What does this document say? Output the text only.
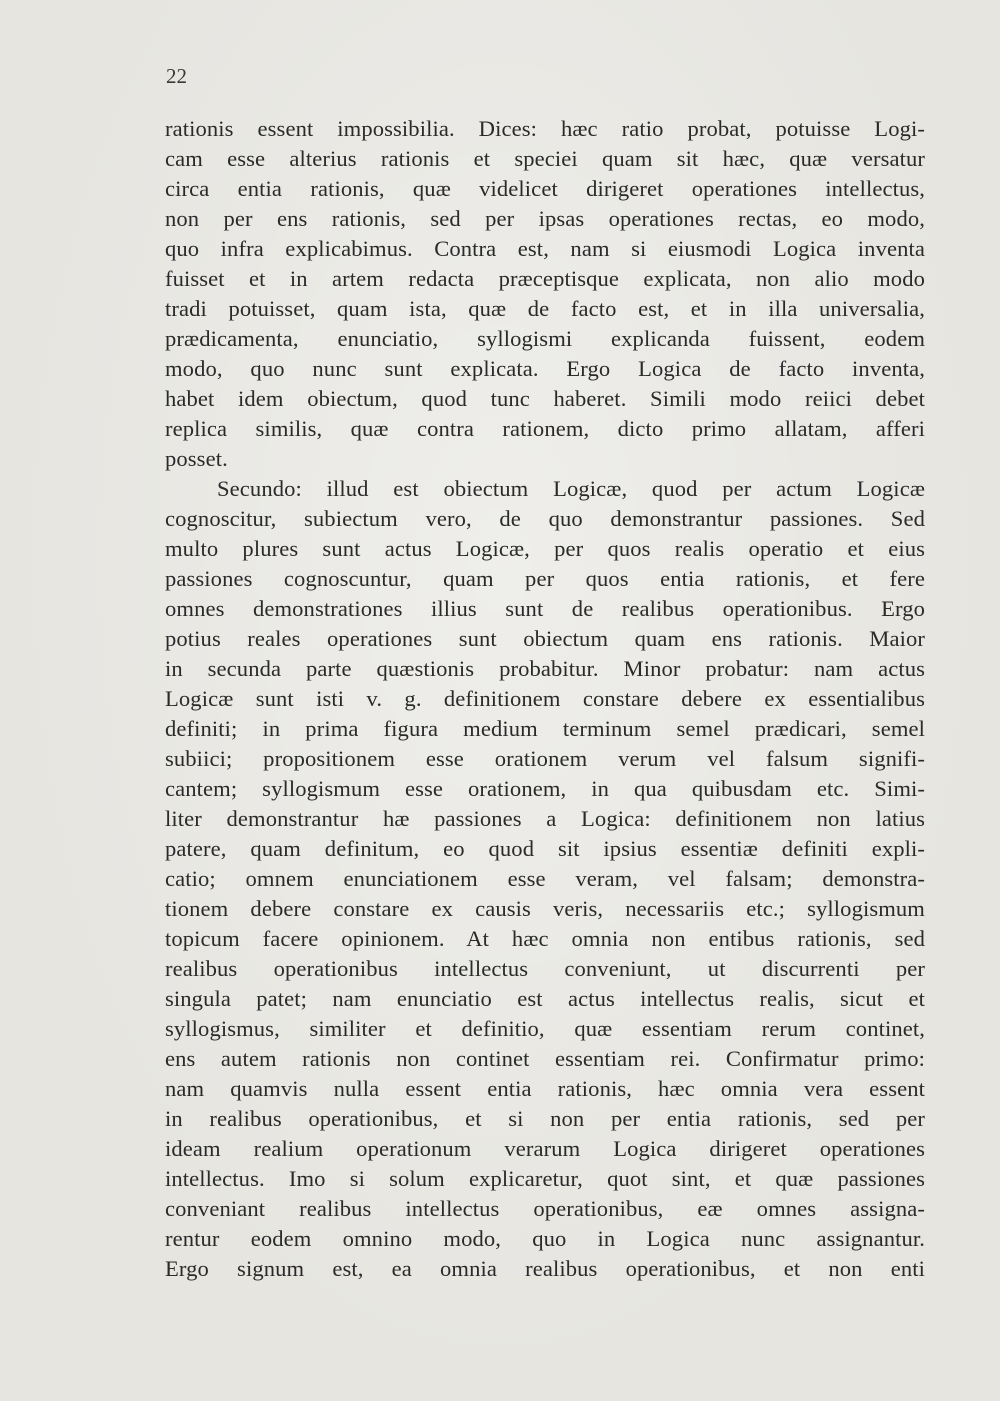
22
rationis essent impossibilia. Dices: hæc ratio probat, potuisse Logi-
cam esse alterius rationis et speciei quam sit hæc, quæ versatur
circa entia rationis, quæ videlicet dirigeret operationes intellectus,
non per ens rationis, sed per ipsas operationes rectas, eo modo,
quo infra explicabimus. Contra est, nam si eiusmodi Logica inventa
fuisset et in artem redacta præceptisque explicata, non alio modo
tradi potuisset, quam ista, quæ de facto est, et in illa universalia,
prædicamenta, enunciatio, syllogismi explicanda fuissent, eodem
modo, quo nunc sunt explicata. Ergo Logica de facto inventa,
habet idem obiectum, quod tunc haberet. Simili modo reiici debet
replica similis, quæ contra rationem, dicto primo allatam, afferi
posset.
Secundo: illud est obiectum Logicæ, quod per actum Logicæ
cognoscitur, subiectum vero, de quo demonstrantur passiones. Sed
multo plures sunt actus Logicæ, per quos realis operatio et eius
passiones cognoscuntur, quam per quos entia rationis, et fere
omnes demonstrationes illius sunt de realibus operationibus. Ergo
potius reales operationes sunt obiectum quam ens rationis. Maior
in secunda parte quæstionis probabitur. Minor probatur: nam actus
Logicæ sunt isti v. g. definitionem constare debere ex essentialibus
definiti; in prima figura medium terminum semel prædicari, semel
subiici; propositionem esse orationem verum vel falsum signifi-
cantem; syllogismum esse orationem, in qua quibusdam etc. Simi-
liter demonstrantur hæ passiones a Logica: definitionem non latius
patere, quam definitum, eo quod sit ipsius essentiæ definiti expli-
catio; omnem enunciationem esse veram, vel falsam; demonstra-
tionem debere constare ex causis veris, necessariis etc.; syllogismum
topicum facere opinionem. At hæc omnia non entibus rationis, sed
realibus operationibus intellectus conveniunt, ut discurrenti per
singula patet; nam enunciatio est actus intellectus realis, sicut et
syllogismus, similiter et definitio, quæ essentiam rerum continet,
ens autem rationis non continet essentiam rei. Confirmatur primo:
nam quamvis nulla essent entia rationis, hæc omnia vera essent
in realibus operationibus, et si non per entia rationis, sed per
ideam realium operationum verarum Logica dirigeret operationes
intellectus. Imo si solum explicaretur, quot sint, et quæ passiones
conveniant realibus intellectus operationibus, eæ omnes assigna-
rentur eodem omnino modo, quo in Logica nunc assignantur.
Ergo signum est, ea omnia realibus operationibus, et non enti
